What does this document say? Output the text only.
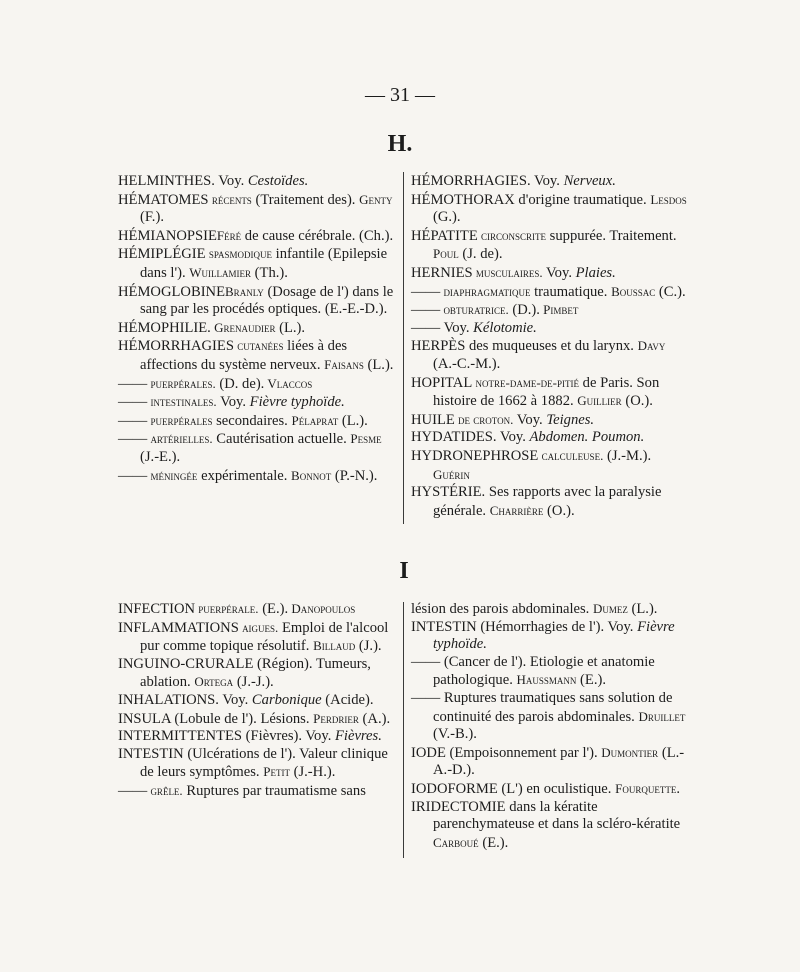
— 31 —
H.

HELMINTHES. Voy. Cestoïdes.

HÉMATOMES récents (Traitement des). Genty (F.).

HÉMIANOPSIEFéré de cause cérébrale. (Ch.).

HÉMIPLÉGIE spasmodique infantile (Epilepsie dans l'). Wuillamier (Th.).

HÉMOGLOBINEBranly (Dosage de l') dans le sang par les procédés optiques. (E.-E.-D.).

HÉMOPHILIE. Grenaudier (L.).

HÉMORRHAGIES cutanées liées à des affections du système nerveux. Faisans (L.).

—— puerpérales. (D. de). Vlaccos

—— intestinales. Voy. Fièvre typhoïde.

—— puerpérales secondaires. Pélaprat (L.).

—— artérielles. Cautérisation actuelle. Pesme (J.-E.).

—— méningée expérimentale. Bonnot (P.-N.).

HÉMORRHAGIES. Voy. Nerveux.

HÉMOTHORAX d'origine traumatique. Lesdos (G.).

HÉPATITE circonscrite suppurée. Traitement. Poul (J. de).

HERNIES musculaires. Voy. Plaies.

—— diaphragmatique traumatique. Boussac (C.).

—— obturatrice. (D.). Pimbet

—— Voy. Kélotomie.

HERPÈS des muqueuses et du larynx. Davy (A.-C.-M.).

HOPITAL notre-dame-de-pitié de Paris. Son histoire de 1662 à 1882. Guillier (O.).

HUILE de croton. Voy. Teignes.

HYDATIDES. Voy. Abdomen. Poumon.

HYDRONEPHROSE calculeuse. (J.-M.). Guérin

HYSTÉRIE. Ses rapports avec la paralysie générale. Charrière (O.).

I

INFECTION puerpérale. (E.). Danopoulos

INFLAMMATIONS aigues. Emploi de l'alcool pur comme topique résolutif. Billaud (J.).

INGUINO-CRURALE (Région). Tumeurs, ablation. Ortega (J.-J.).

INHALATIONS. Voy. Carbonique (Acide).

INSULA (Lobule de l'). Lésions. Perdrier (A.).

INTERMITTENTES (Fièvres). Voy. Fièvres.

INTESTIN (Ulcérations de l'). Valeur clinique de leurs symptômes. Petit (J.-H.).

—— grêle. Ruptures par traumatisme sans

lésion des parois abdominales. Dumez (L.).

INTESTIN (Hémorrhagies de l'). Voy. Fièvre typhoïde.

—— (Cancer de l'). Etiologie et anatomie pathologique. Haussmann (E.).

—— Ruptures traumatiques sans solution de continuité des parois abdominales. Druillet (V.-B.).

IODE (Empoisonnement par l'). Dumontier (L.-A.-D.).

IODOFORME (L') en oculistique. Fourquette.

IRIDECTOMIE dans la kératite parenchymateuse et dans la scléro-kératite Carboué (E.).
